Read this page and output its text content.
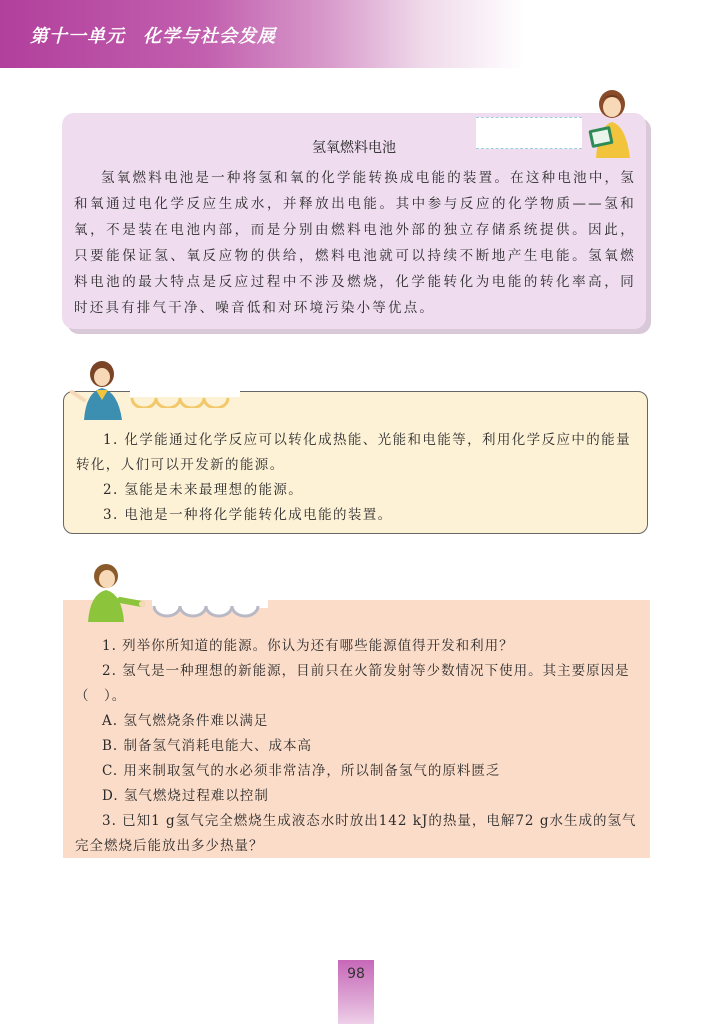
第十一单元 化学与社会发展
氢氧燃料电池
氢氧燃料电池是一种将氢和氧的化学能转换成电能的装置。在这种电池中，氢和氧通过电化学反应生成水，并释放出电能。其中参与反应的化学物质——氢和氧，不是装在电池内部，而是分别由燃料电池外部的独立存储系统提供。因此，只要能保证氢、氧反应物的供给，燃料电池就可以持续不断地产生电能。氢氧燃料电池的最大特点是反应过程中不涉及燃烧，化学能转化为电能的转化率高，同时还具有排气干净、噪音低和对环境污染小等优点。

1. 化学能通过化学反应可以转化成热能、光能和电能等，利用化学反应中的能量转化，人们可以开发新的能源。

2. 氢能是未来最理想的能源。

3. 电池是一种将化学能转化成电能的装置。

1. 列举你所知道的能源。你认为还有哪些能源值得开发和利用？

2. 氢气是一种理想的新能源，目前只在火箭发射等少数情况下使用。其主要原因是（　）。

A. 氢气燃烧条件难以满足

B. 制备氢气消耗电能大、成本高

C. 用来制取氢气的水必须非常洁净，所以制备氢气的原料匮乏

D. 氢气燃烧过程难以控制

3. 已知1 g氢气完全燃烧生成液态水时放出142 kJ的热量，电解72 g水生成的氢气完全燃烧后能放出多少热量？

98
